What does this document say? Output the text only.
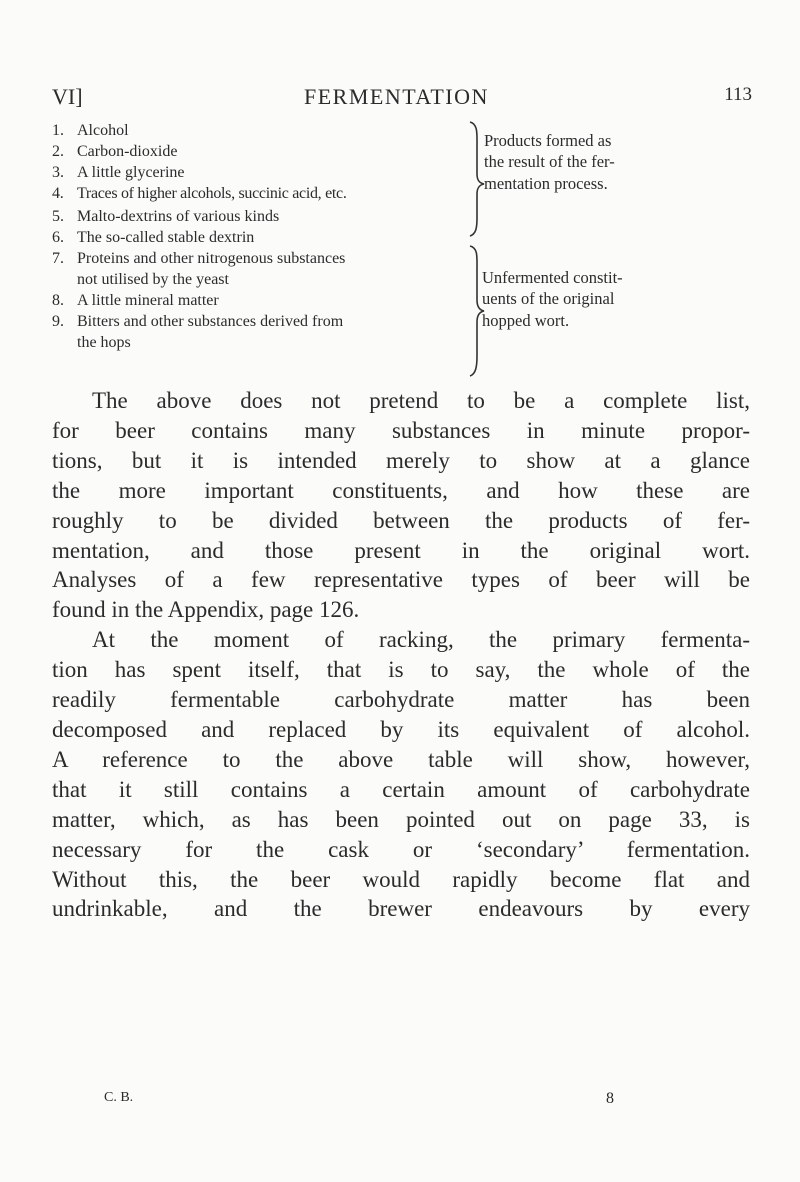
VI]	FERMENTATION	113
1. Alcohol
2. Carbon-dioxide
3. A little glycerine
4. Traces of higher alcohols, succinic acid, etc.
5. Malto-dextrins of various kinds
6. The so-called stable dextrin
7. Proteins and other nitrogenous substances
not utilised by the yeast
8. A little mineral matter
9. Bitters and other substances derived from
the hops
Products formed as
the result of the fer-
mentation process.
Unfermented constit-
uents of the original
hopped wort.

The above does not pretend to be a complete list,
for beer contains many substances in minute propor-
tions, but it is intended merely to show at a glance
the more important constituents, and how these are
roughly to be divided between the products of fer-
mentation, and those present in the original wort.
Analyses of a few representative types of beer will be
found in the Appendix, page 126.

At the moment of racking, the primary fermenta-
tion has spent itself, that is to say, the whole of the
readily fermentable carbohydrate matter has been
decomposed and replaced by its equivalent of alcohol.
A reference to the above table will show, however,
that it still contains a certain amount of carbohydrate
matter, which, as has been pointed out on page 33, is
necessary for the cask or ‘secondary’ fermentation.
Without this, the beer would rapidly become flat and
undrinkable, and the brewer endeavours by every

C. B.	8
